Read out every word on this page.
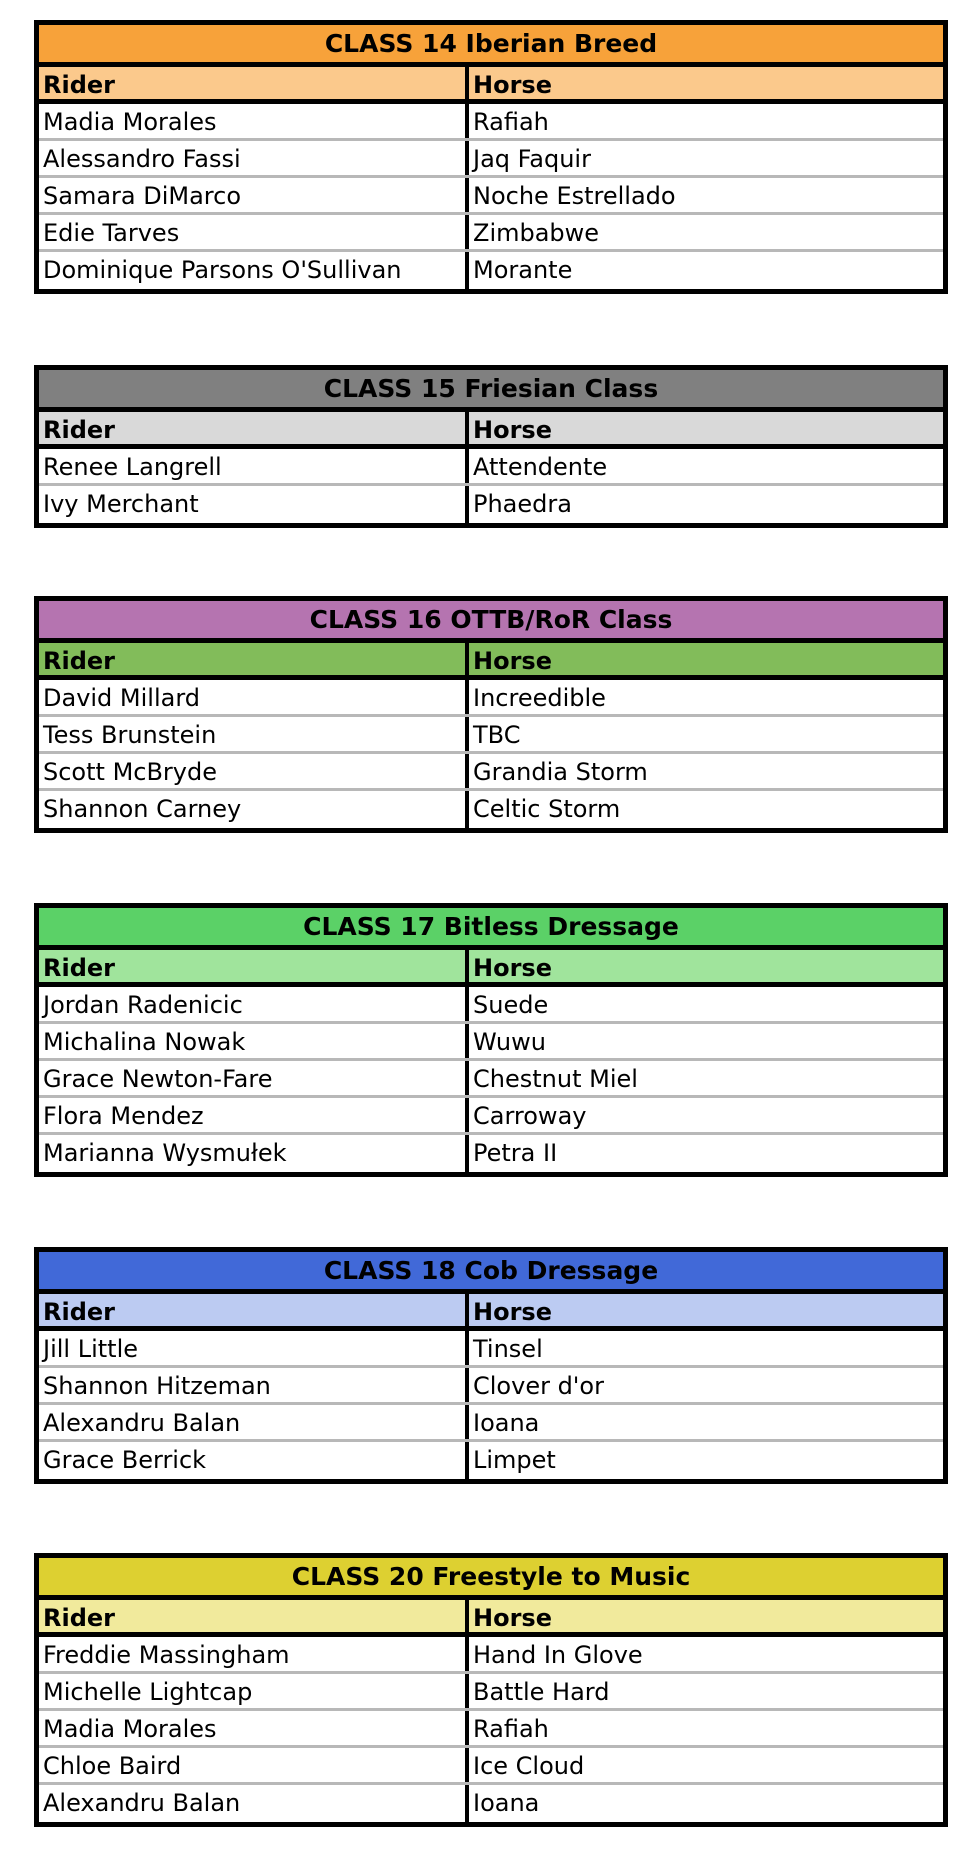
CLASS 14 Iberian Breed
Rider	Horse
Madia Morales	Rafiah
Alessandro Fassi	Jaq Faquir
Samara DiMarco	Noche Estrellado
Edie Tarves	Zimbabwe
Dominique Parsons O'Sullivan	Morante
CLASS 15 Friesian Class
Rider	Horse
Renee Langrell	Attendente
Ivy Merchant	Phaedra
CLASS 16 OTTB/RoR Class
Rider	Horse
David Millard	Increedible
Tess Brunstein	TBC
Scott McBryde	Grandia Storm
Shannon Carney	Celtic Storm
CLASS 17 Bitless Dressage
Rider	Horse
Jordan Radenicic	Suede
Michalina Nowak	Wuwu
Grace Newton-Fare	Chestnut Miel
Flora Mendez	Carroway
Marianna Wysmułek	Petra II
CLASS 18 Cob Dressage
Rider	Horse
Jill Little	Tinsel
Shannon Hitzeman	Clover d'or
Alexandru Balan	Ioana
Grace Berrick	Limpet
CLASS 20 Freestyle to Music
Rider	Horse
Freddie Massingham	Hand In Glove
Michelle Lightcap	Battle Hard
Madia Morales	Rafiah
Chloe Baird	Ice Cloud
Alexandru Balan	Ioana
